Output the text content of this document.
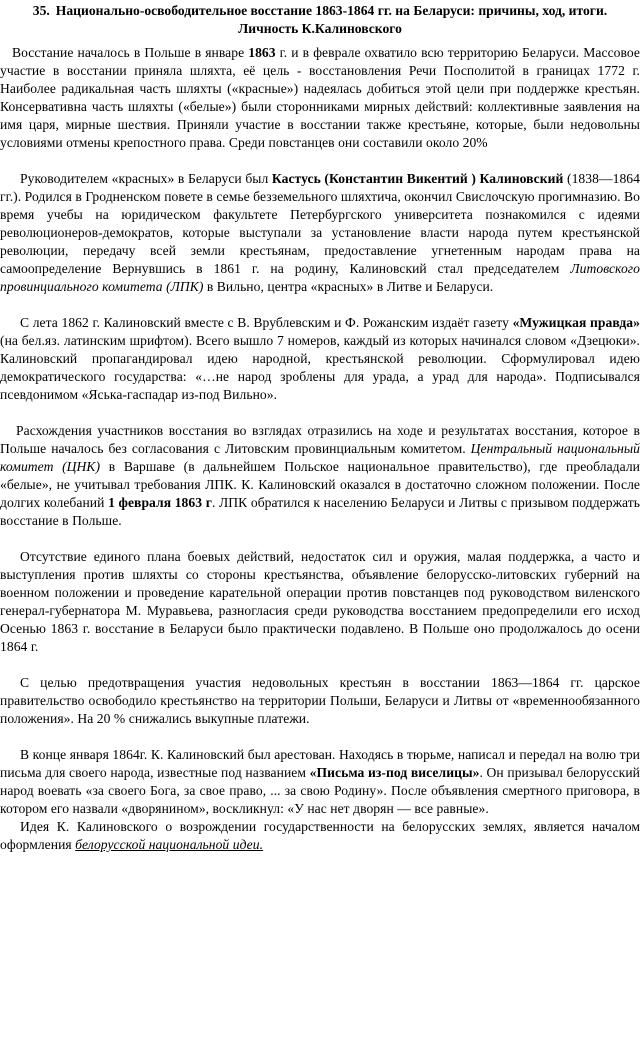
35. Национально-освободительное восстание 1863-1864 гг. на Беларуси: причины, ход, итоги. Личность К.Калиновского

Восстание началось в Польше в январе 1863 г. и в феврале охватило всю территорию Беларуси. Массовое участие в восстании приняла шляхта, её цель - восстановления Речи Посполитой в границах 1772 г. Наиболее радикальная часть шляхты («красные») надеялась добиться этой цели при поддержке крестьян. Консервативна часть шляхты («белые») были сторонниками мирных действий: коллективные заявления на имя царя, мирные шествия. Приняли участие в восстании также крестьяне, которые, были недовольны условиями отмены крепостного права. Среди повстанцев они составили около 20%

Руководителем «красных» в Беларуси был Кастусь (Константин Викентий ) Калиновский (1838—1864 гг.). Родился в Гродненском повете в семье безземельного шляхтича, окончил Свислочскую прогимназию. Во время учебы на юридическом факультете Петербургского университета познакомился с идеями революционеров-демократов, которые выступали за установление власти народа путем крестьянской революции, передачу всей земли крестьянам, предоставление угнетенным народам права на самоопределение Вернувшись в 1861 г. на родину, Калиновский стал председателем Литовского провинциального комитета (ЛПК) в Вильно, центра «красных» в Литве и Беларуси.

С лета 1862 г. Калиновский вместе с В. Врублевским и Ф. Рожанским издаёт газету «Мужицкая правда» (на бел.яз. латинским шрифтом). Всего вышло 7 номеров, каждый из которых начинался словом «Дзецюки». Калиновский пропагандировал идею народной, крестьянской революции. Сформулировал идею демократического государства: «…не народ зроблены для урада, а урад для народа». Подписывался псевдонимом «Яська-гаспадар из-под Вильно».

Расхождения участников восстания во взглядах отразились на ходе и результатах восстания, которое в Польше началось без согласования с Литовским провинциальным комитетом. Центральный национальный комитет (ЦНК) в Варшаве (в дальнейшем Польское национальное правительство), где преобладали «белые», не учитывал требования ЛПК. К. Калиновский оказался в достаточно сложном положении. После долгих колебаний 1 февраля 1863 г. ЛПК обратился к населению Беларуси и Литвы с призывом поддержать восстание в Польше.

Отсутствие единого плана боевых действий, недостаток сил и оружия, малая поддержка, а часто и выступления против шляхты со стороны крестьянства, объявление белорусско-литовских губерний на военном положении и проведение карательной операции против повстанцев под руководством виленского генерал-губернатора М. Муравьева, разногласия среди руководства восстанием предопределили его исход Осенью 1863 г. восстание в Беларуси было практически подавлено. В Польше оно продолжалось до осени 1864 г.

С целью предотвращения участия недовольных крестьян в восстании 1863—1864 гг. царское правительство освободило крестьянство на территории Польши, Беларуси и Литвы от «временнообязанного положения». На 20 % снижались выкупные платежи.

В конце января 1864г. К. Калиновский был арестован. Находясь в тюрьме, написал и передал на волю три письма для своего народа, известные под названием «Письма из-под виселицы». Он призывал белорусский народ воевать «за своего Бога, за свое право, ... за свою Родину». После объявления смертного приговора, в котором его назвали «дворянином», воскликнул: «У нас нет дворян — все равные».

Идея К. Калиновского о возрождении государственности на белорусских землях, является началом оформления белорусской национальной идеи.
